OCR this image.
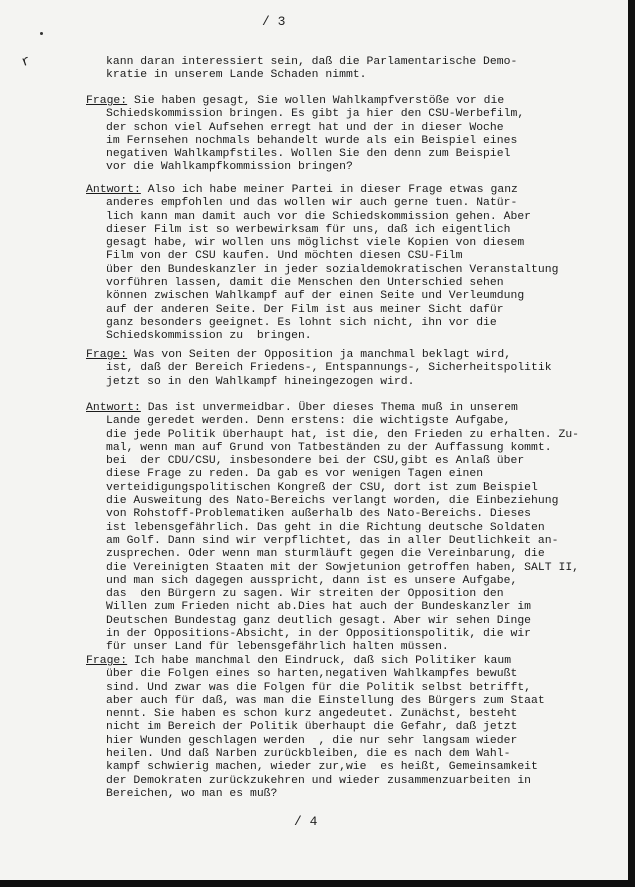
r
/ 3
kann daran interessiert sein, daß die Parlamentarische Demo-
kratie in unserem Lande Schaden nimmt.
Frage: Sie haben gesagt, Sie wollen Wahlkampfverstöße vor die
Schiedskommission bringen. Es gibt ja hier den CSU-Werbefilm,
der schon viel Aufsehen erregt hat und der in dieser Woche
im Fernsehen nochmals behandelt wurde als ein Beispiel eines
negativen Wahlkampfstiles. Wollen Sie den denn zum Beispiel
vor die Wahlkampfkommission bringen?
Antwort: Also ich habe meiner Partei in dieser Frage etwas ganz
anderes empfohlen und das wollen wir auch gerne tuen. Natür-
lich kann man damit auch vor die Schiedskommission gehen. Aber
dieser Film ist so werbewirksam für uns, daß ich eigentlich
gesagt habe, wir wollen uns möglichst viele Kopien von diesem
Film von der CSU kaufen. Und möchten diesen CSU-Film
über den Bundeskanzler in jeder sozialdemokratischen Veranstaltung
vorführen lassen, damit die Menschen den Unterschied sehen
können zwischen Wahlkampf auf der einen Seite und Verleumdung
auf der anderen Seite. Der Film ist aus meiner Sicht dafür
ganz besonders geeignet. Es lohnt sich nicht, ihn vor die
Schiedskommission zu  bringen.
Frage: Was von Seiten der Opposition ja manchmal beklagt wird,
ist, daß der Bereich Friedens-, Entspannungs-, Sicherheitspolitik
jetzt so in den Wahlkampf hineingezogen wird.
Antwort: Das ist unvermeidbar. Über dieses Thema muß in unserem
Lande geredet werden. Denn erstens: die wichtigste Aufgabe,
die jede Politik überhaupt hat, ist die, den Frieden zu erhalten. Zu-
mal, wenn man auf Grund von Tatbeständen zu der Auffassung kommt.
bei  der CDU/CSU, insbesondere bei der CSU,gibt es Anlaß über
diese Frage zu reden. Da gab es vor wenigen Tagen einen
verteidigungspolitischen Kongreß der CSU, dort ist zum Beispiel
die Ausweitung des Nato-Bereichs verlangt worden, die Einbeziehung
von Rohstoff-Problematiken außerhalb des Nato-Bereichs. Dieses
ist lebensgefährlich. Das geht in die Richtung deutsche Soldaten
am Golf. Dann sind wir verpflichtet, das in aller Deutlichkeit an-
zusprechen. Oder wenn man sturmläuft gegen die Vereinbarung, die
die Vereinigten Staaten mit der Sowjetunion getroffen haben, SALT II,
und man sich dagegen ausspricht, dann ist es unsere Aufgabe,
das  den Bürgern zu sagen. Wir streiten der Opposition den
Willen zum Frieden nicht ab.Dies hat auch der Bundeskanzler im
Deutschen Bundestag ganz deutlich gesagt. Aber wir sehen Dinge
in der Oppositions-Absicht, in der Oppositionspolitik, die wir
für unser Land für lebensgefährlich halten müssen.
Frage: Ich habe manchmal den Eindruck, daß sich Politiker kaum
über die Folgen eines so harten,negativen Wahlkampfes bewußt
sind. Und zwar was die Folgen für die Politik selbst betrifft,
aber auch für daß, was man die Einstellung des Bürgers zum Staat
nennt. Sie haben es schon kurz angedeutet. Zunächst, besteht
nicht im Bereich der Politik überhaupt die Gefahr, daß jetzt
hier Wunden geschlagen werden  , die nur sehr langsam wieder
heilen. Und daß Narben zurückbleiben, die es nach dem Wahl-
kampf schwierig machen, wieder zur,wie  es heißt, Gemeinsamkeit
der Demokraten zurückzukehren und wieder zusammenzuarbeiten in
Bereichen, wo man es muß?
/ 4
